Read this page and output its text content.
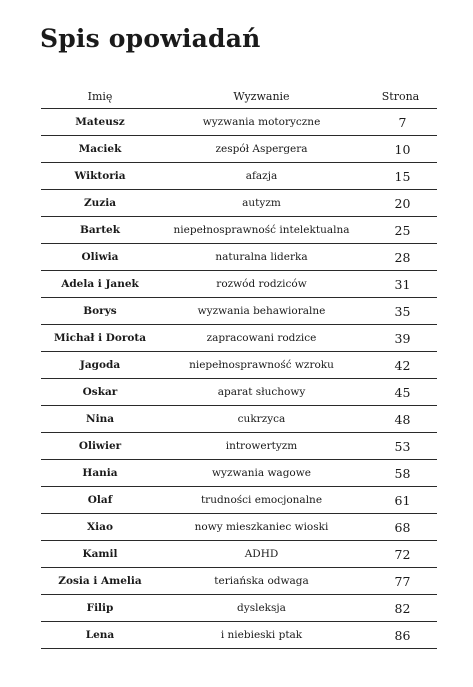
Spis opowiadań
Imię	Wyzwanie	Strona
Mateusz	wyzwania motoryczne	7
Maciek	zespół Aspergera	10
Wiktoria	afazja	15
Zuzia	autyzm	20
Bartek	niepełnosprawność intelektualna	25
Oliwia	naturalna liderka	28
Adela i Janek	rozwód rodziców	31
Borys	wyzwania behawioralne	35
Michał i Dorota	zapracowani rodzice	39
Jagoda	niepełnosprawność wzroku	42
Oskar	aparat słuchowy	45
Nina	cukrzyca	48
Oliwier	introwertyzm	53
Hania	wyzwania wagowe	58
Olaf	trudności emocjonalne	61
Xiao	nowy mieszkaniec wioski	68
Kamil	ADHD	72
Zosia i Amelia	teriańska odwaga	77
Filip	dysleksja	82
Lena	i niebieski ptak	86
